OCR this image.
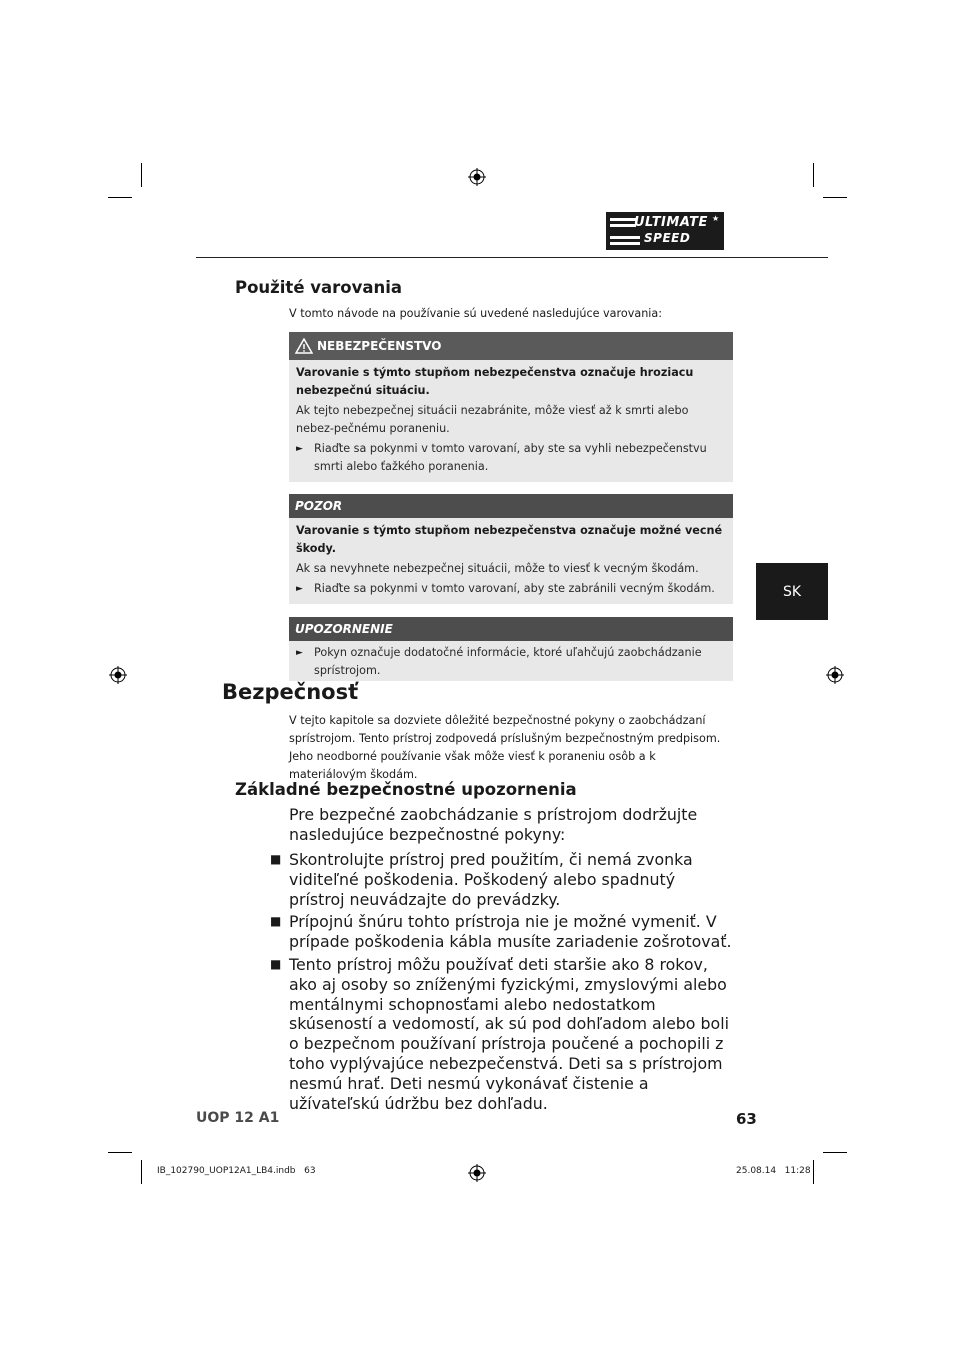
ULTIMATE
SPEED
★
Použité varovania
V tomto návode na používanie sú uvedené nasledujúce varovania:
NEBEZPEČENSTVO
Varovanie s týmto stupňom nebezpečenstva označuje hroziacu nebezpečnú situáciu.
Ak tejto nebezpečnej situácii nezabránite, môže viesť až k smrti alebo nebez-pečnému poraneniu.
► Riaďte sa pokynmi v tomto varovaní, aby ste sa vyhli nebezpečenstvu smrti alebo ťažkého poranenia.
POZOR
Varovanie s týmto stupňom nebezpečenstva označuje možné vecné škody.
Ak sa nevyhnete nebezpečnej situácii, môže to viesť k vecným škodám.
► Riaďte sa pokynmi v tomto varovaní, aby ste zabránili vecným škodám.
UPOZORNENIE
► Pokyn označuje dodatočné informácie, ktoré uľahčujú zaobchádzanie sprístrojom.
SK
Bezpečnosť
V tejto kapitole sa dozviete dôležité bezpečnostné pokyny o zaobchádzaní sprístrojom. Tento prístroj zodpovedá príslušným bezpečnostným predpisom. Jeho neodborné používanie však môže viesť k poraneniu osôb a k materiálovým škodám.
Základné bezpečnostné upozornenia
Pre bezpečné zaobchádzanie s prístrojom dodržujte nasledujúce bezpečnostné pokyny:
■ Skontrolujte prístroj pred použitím, či nemá zvonka viditeľné poškodenia. Poškodený alebo spadnutý prístroj neuvádzajte do prevádzky.
■ Prípojnú šnúru tohto prístroja nie je možné vymeniť. V prípade poškodenia kábla musíte zariadenie zošrotovať.
■ Tento prístroj môžu používať deti staršie ako 8 rokov, ako aj osoby so zníženými fyzickými, zmyslovými alebo mentálnymi schopnosťami alebo nedostatkom skúseností a vedomostí, ak sú pod dohľadom alebo boli o bezpečnom používaní prístroja poučené a pochopili z toho vyplývajúce nebezpečenstvá. Deti sa s prístrojom nesmú hrať. Deti nesmú vykonávať čistenie a užívateľskú údržbu bez dohľadu.
UOP 12 A1	63
IB_102790_UOP12A1_LB4.indb   63	25.08.14   11:28
